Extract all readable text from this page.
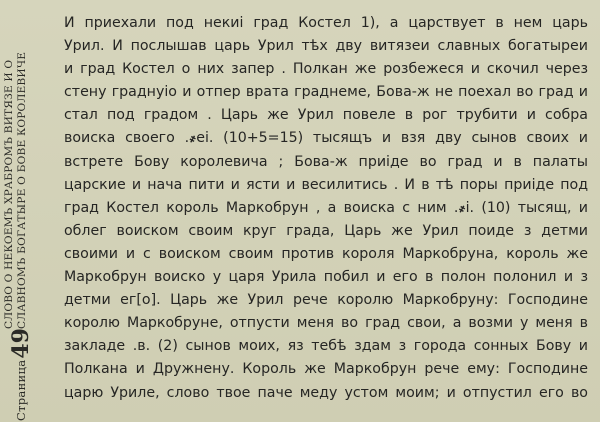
Страница
49
СЛОВО О НЕКОЕМЪ ХРАБРОМЪ ВИТЯЗЕ И О СЛАВНОМЪ БОГАТЫРЕ О БОВЕ КОРОЛЕВИЧЕ
И приехали под некиі град Костел 1), а царствует в нем царь
Урил. И послышав царь Урил тѣх дву витязеи славных богатыреи
и град Костел о них запер . Полкан же розбежеся и скочил через
стену граднуіо и отпер врата граднеме, Бова-ж не поехал во град и
стал под градом . Царь же Урил повеле в рог трубити и собра
воиска своего .҂еі. (10+5=15) тысящъ и взя дву сынов своих и
встрете Бову королевича ; Бова-ж приіде во град и в палаты
царские и нача пити и ясти и весилитись . И в тѣ поры приіде под
град Костел король Маркобрун , а воиска с ним .҂і. (10) тысящ, и
облег воиском своим круг града, Царь же Урил поиде з детми
своими и с воиском своим против короля Маркобруна, король же
Маркобрун воиско у царя Урила побил и его в полон полонил и з
детми ег[о]. Царь же Урил рече королю Маркобруну: Господине
королю Маркобруне, отпусти меня во град свои, а возми у меня в
закладе .в. (2) сынов моих, яз тебѣ здам з города сонных Бову и
Полкана и Дружнену. Король же Маркобрун рече ему: Господине
царю Уриле, слово твое паче меду устом моим; и отпустил его во
